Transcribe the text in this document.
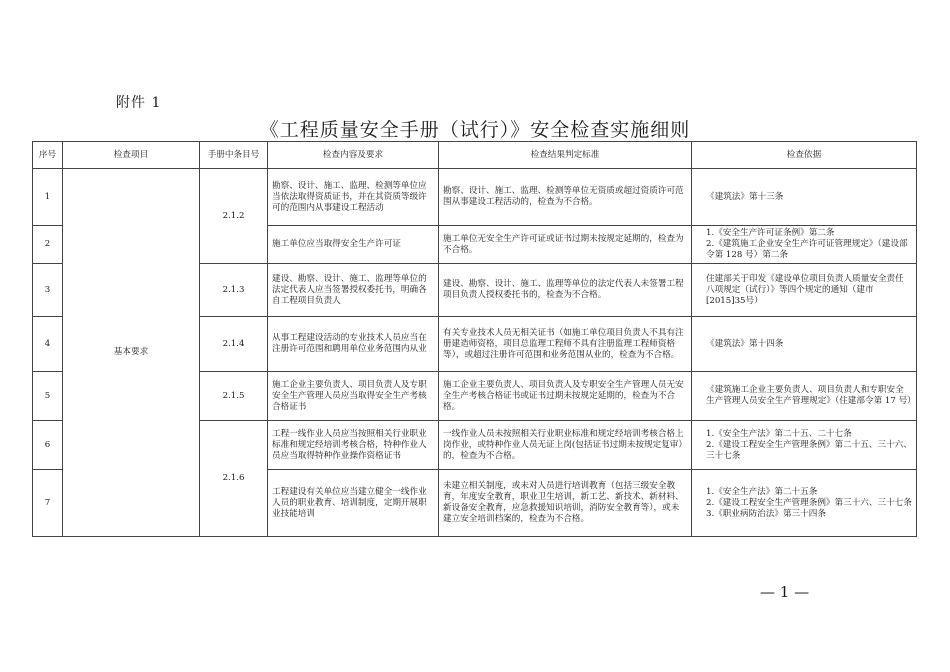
附件 1
《工程质量安全手册（试行）》安全检查实施细则
序号	检查项目	手册中条目号	检查内容及要求	检查结果判定标准	检查依据
1	基本要求	2.1.2	勘察、设计、施工、监理、检测等单位应当依法取得资质证书，并在其资质等级许可的范围内从事建设工程活动	勘察、设计、施工、监理、检测等单位无资质或超过资质许可范围从事建设工程活动的，检查为不合格。	《建筑法》第十三条

2			施工单位应当取得安全生产许可证	施工单位无安全生产许可证或证书过期未按规定延期的，检查为不合格。	1.《安全生产许可证条例》第二条
2.《建筑施工企业安全生产许可证管理规定》（建设部令第 128 号）第二条

3		2.1.3	建设、勘察、设计、施工、监理等单位的法定代表人应当签署授权委托书，明确各自工程项目负责人	建设、勘察、设计、施工、监理等单位的法定代表人未签署工程项目负责人授权委托书的，检查为不合格。	住建部关于印发《建设单位项目负责人质量安全责任八项规定（试行）》等四个规定的通知（建市[2015]35号）

4		2.1.4	从事工程建设活动的专业技术人员应当在注册许可范围和聘用单位业务范围内从业	有关专业技术人员无相关证书（如施工单位项目负责人不具有注册建造师资格，项目总监理工程师不具有注册监理工程师资格等），或超过注册许可范围和业务范围从业的，检查为不合格。	《建筑法》第十四条

5		2.1.5	施工企业主要负责人、项目负责人及专职安全生产管理人员应当取得安全生产考核合格证书	施工企业主要负责人、项目负责人及专职安全生产管理人员无安全生产考核合格证书或证书过期未按规定延期的，检查为不合格。	《建筑施工企业主要负责人、项目负责人和专职安全生产管理人员安全生产管理规定》（住建部令第 17 号）

6		2.1.6	工程一线作业人员应当按照相关行业职业标准和规定经培训考核合格，特种作业人员应当取得特种作业操作资格证书	一线作业人员未按照相关行业职业标准和规定经培训考核合格上岗作业，或特种作业人员无证上岗(包括证书过期未按规定复审）的，检查为不合格。	1.《安全生产法》第二十五、二十七条
2.《建设工程安全生产管理条例》第二十五、三十六、三十七条

7			工程建设有关单位应当建立健全一线作业人员的职业教育、培训制度，定期开展职业技能培训	未建立相关制度，或未对人员进行培训教育（包括三级安全教育，年度安全教育，职业卫生培训，新工艺、新技术、新材料、新设备安全教育，应急救援知识培训，消防安全教育等），或未建立安全培训档案的，检查为不合格。	1.《安全生产法》第二十五条
2.《建设工程安全生产管理条例》第三十六、三十七条
3.《职业病防治法》第三十四条
— 1 —
